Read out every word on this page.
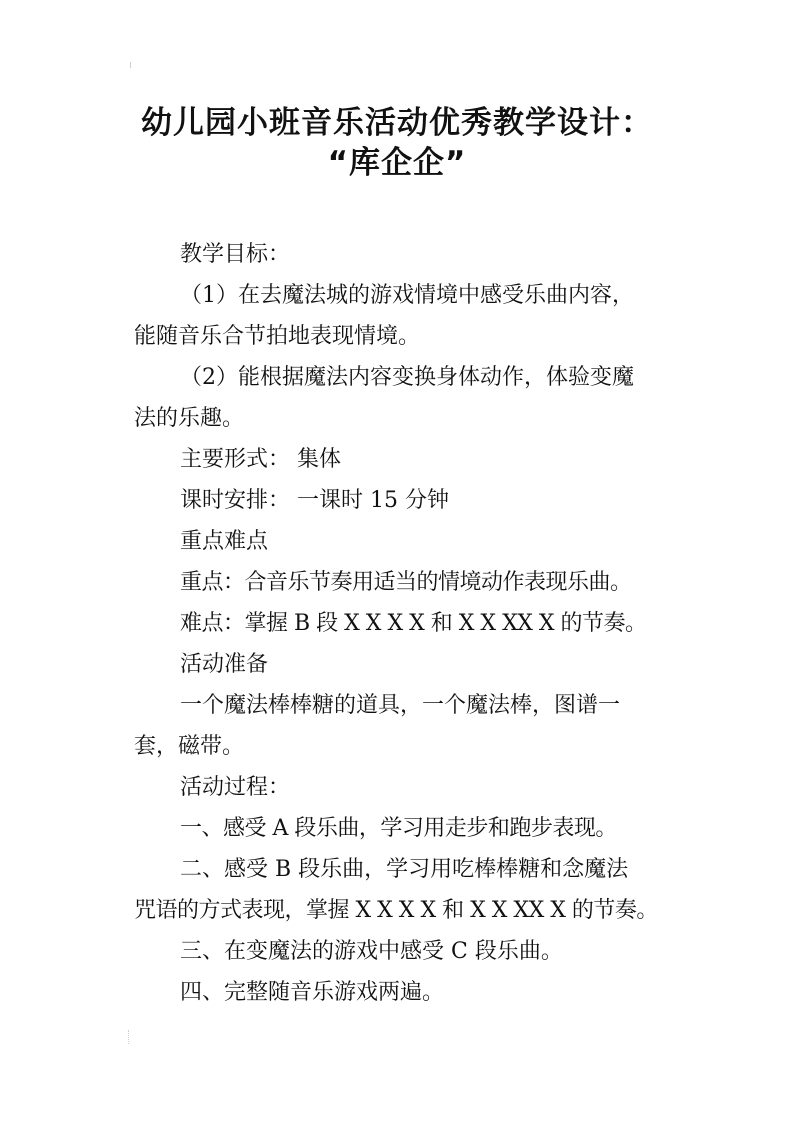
幼儿园小班音乐活动优秀教学设计：
“库企企”
教学目标：
（1）在去魔法城的游戏情境中感受乐曲内容，
能随音乐合节拍地表现情境。
（2）能根据魔法内容变换身体动作，体验变魔
法的乐趣。
主要形式： 集体
课时安排： 一课时 15 分钟
重点难点
重点：合音乐节奏用适当的情境动作表现乐曲。
难点：掌握 B 段 X X X X 和 X X XX X 的节奏。
活动准备
一个魔法棒棒糖的道具，一个魔法棒，图谱一
套，磁带。
活动过程：
一、感受 A 段乐曲，学习用走步和跑步表现。
二、感受 B 段乐曲，学习用吃棒棒糖和念魔法
咒语的方式表现，掌握 X X X X 和 X X XX X 的节奏。
三、在变魔法的游戏中感受 C 段乐曲。
四、完整随音乐游戏两遍。
